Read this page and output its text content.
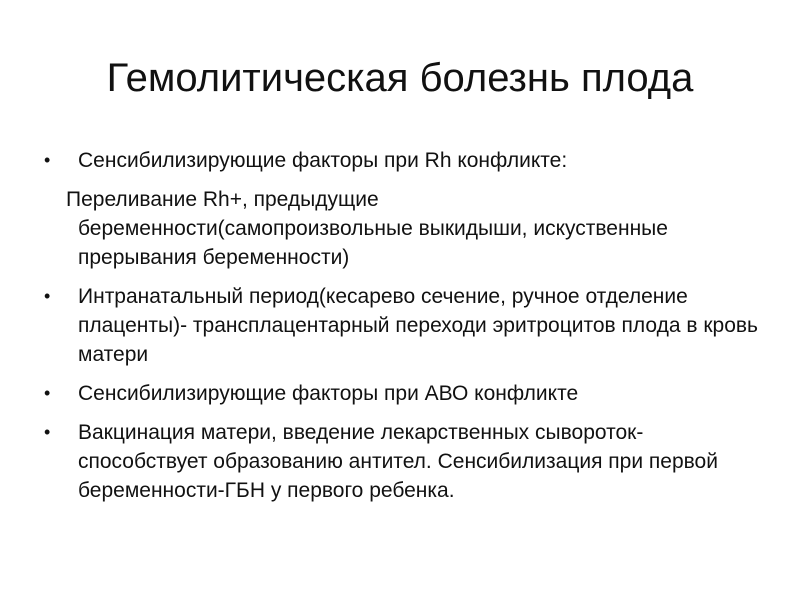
Гемолитическая болезнь плода
•	Сенсибилизирующие факторы при Rh конфликте:
Переливание Rh+, предыдущие
беременности(самопроизвольные выкидыши, искуственные прерывания беременности)
•	Интранатальный период(кесарево сечение, ручное отделение плаценты)- трансплацентарный переходи эритроцитов плода в кровь матери
•	Сенсибилизирующие факторы при АВО конфликте
•	Вакцинация матери, введение лекарственных сывороток-способствует образованию антител. Сенсибилизация при первой беременности-ГБН у первого ребенка.
